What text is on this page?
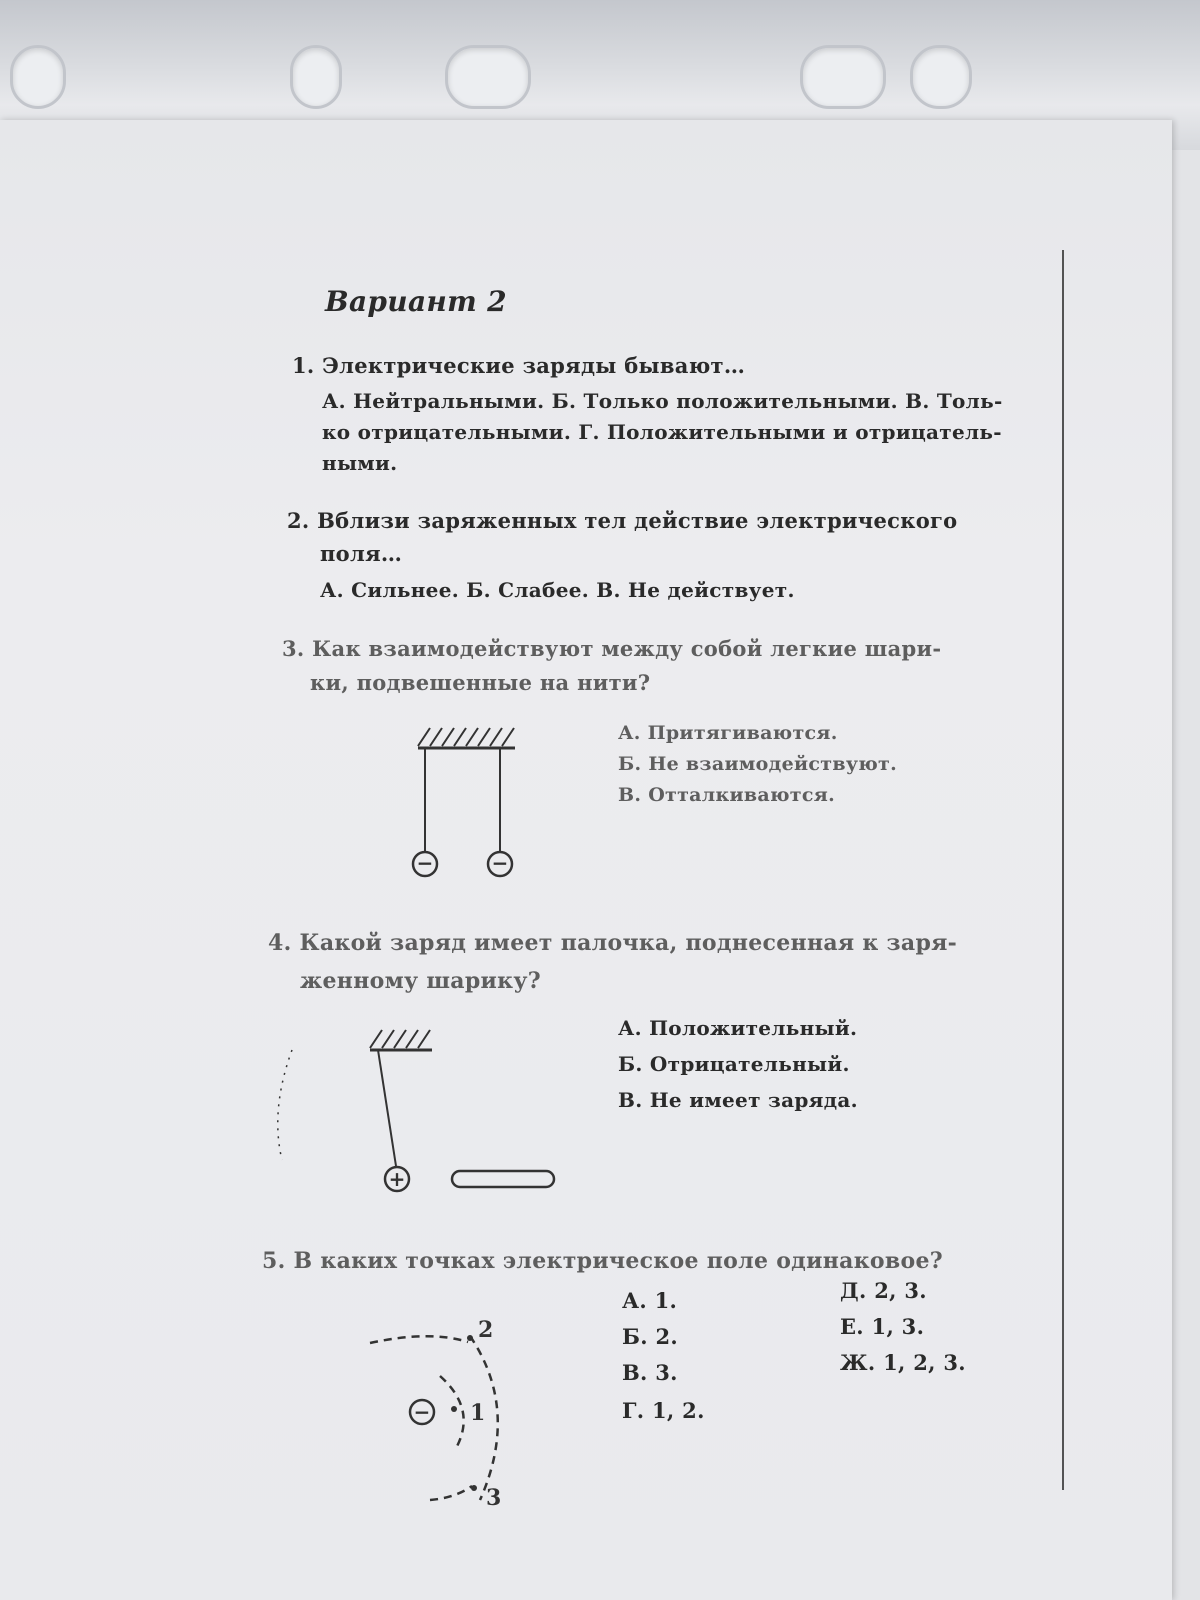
Вариант 2
1. Электрические заряды бывают…
А. Нейтральными. Б. Только положительными. В. Толь-
ко отрицательными. Г. Положительными и отрицатель-
ными.
2. Вблизи заряженных тел действие электрического
поля…
А. Сильнее. Б. Слабее. В. Не действует.
3. Как взаимодействуют между собой легкие шари-
ки, подвешенные на нити?
А. Притягиваются.
Б. Не взаимодействуют.
В. Отталкиваются.
4. Какой заряд имеет палочка, поднесенная к заря-
женному шарику?
А. Положительный.
Б. Отрицательный.
В. Не имеет заряда.
5. В каких точках электрическое поле одинаковое?
А. 1.
Б. 2.
В. 3.
Г. 1, 2.
Д. 2, 3.
Е. 1, 3.
Ж. 1, 2, 3.
−	−
+
− 1
2
3
